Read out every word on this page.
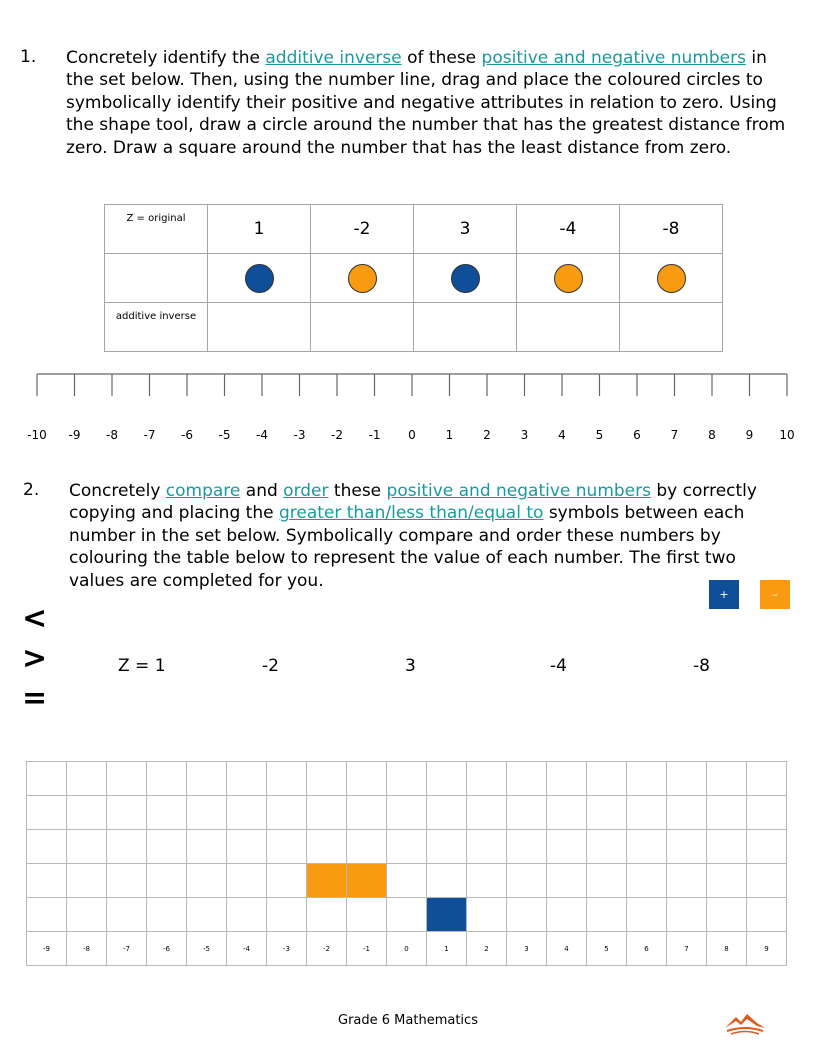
1. Concretely identify the additive inverse of these positive and negative numbers in the set below. Then, using the number line, drag and place the coloured circles to symbolically identify their positive and negative attributes in relation to zero. Using the shape tool, draw a circle around the number that has the greatest distance from zero. Draw a square around the number that has the least distance from zero.
Z = original	1	-2	3	-4	-8

additive inverse					
-10 -9 -8 -7 -6 -5 -4 -3 -2 -1 0 1 2 3 4 5 6 7 8 9 10
2. Concretely compare and order these positive and negative numbers by correctly copying and placing the greater than/less than/equal to symbols between each number in the set below. Symbolically compare and order these numbers by colouring the table below to represent the value of each number. The first two values are completed for you.
+	–
<
>
=
Z = 1	-2	3	-4	-8

-9	-8	-7	-6	-5	-4	-3	-2	-1	0	1	2	3	4	5	6	7	8	9
Grade 6 Mathematics
